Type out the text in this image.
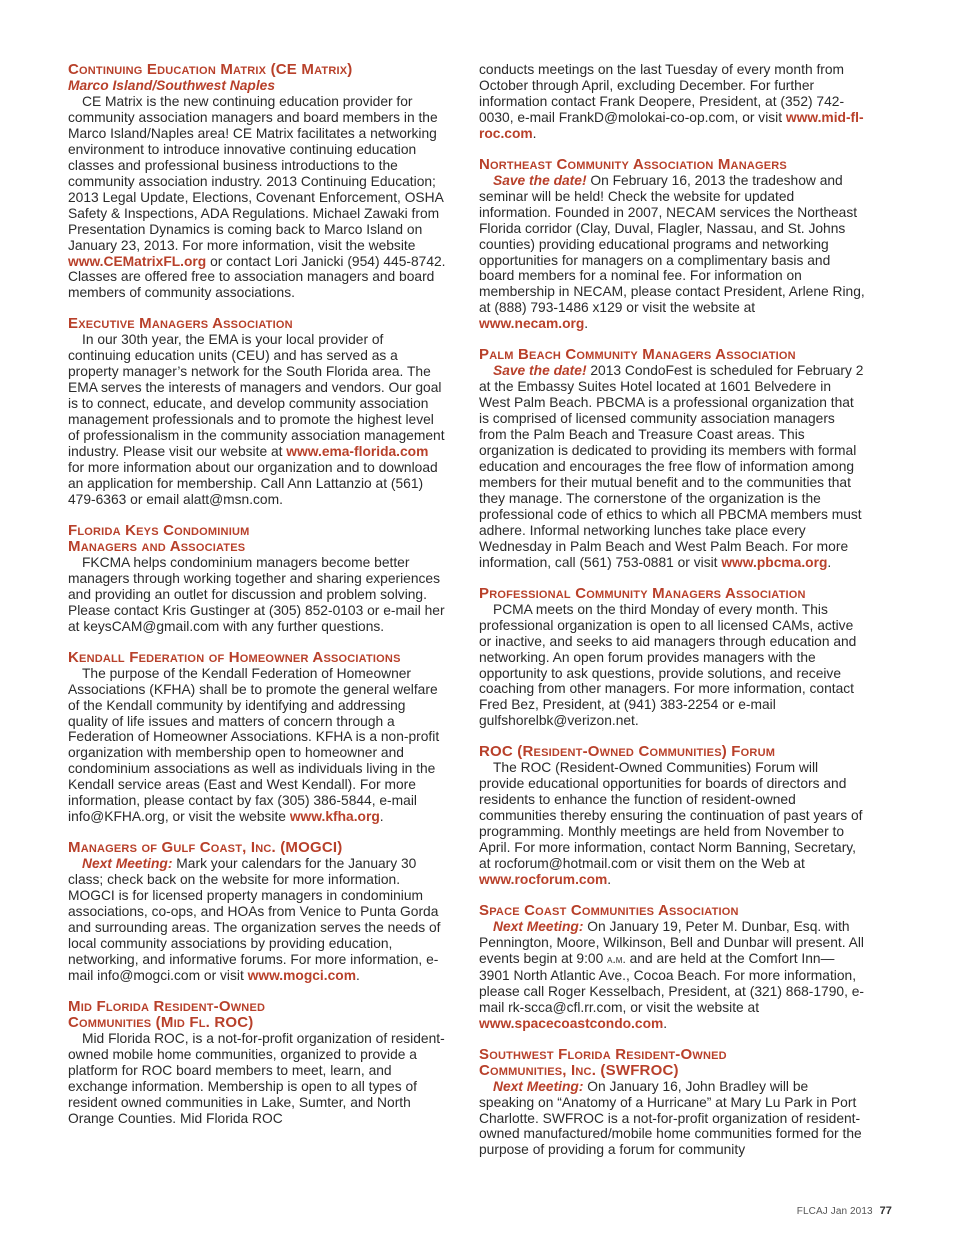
Continuing Education Matrix (CE Matrix)
Marco Island/Southwest Naples

CE Matrix is the new continuing education provider for community association managers and board members in the Marco Island/Naples area! CE Matrix facilitates a networking environment to introduce innovative continuing education classes and professional business introductions to the community association industry. 2013 Continuing Education; 2013 Legal Update, Elections, Covenant Enforcement, OSHA Safety & Inspections, ADA Regulations. Michael Zawaki from Presentation Dynamics is coming back to Marco Island on January 23, 2013. For more information, visit the website www.CEMatrixFL.org or contact Lori Janicki (954) 445-8742. Classes are offered free to association managers and board members of community associations.

Executive Managers Association

In our 30th year, the EMA is your local provider of continuing education units (CEU) and has served as a property manager’s network for the South Florida area. The EMA serves the interests of managers and vendors. Our goal is to connect, educate, and develop community association management professionals and to promote the highest level of professionalism in the community association management industry. Please visit our website at www.ema-florida.com for more information about our organization and to download an application for membership. Call Ann Lattanzio at (561) 479-6363 or email alatt@msn.com.

Florida Keys Condominium
Managers and Associates

FKCMA helps condominium managers become better managers through working together and sharing experiences and providing an outlet for discussion and problem solving. Please contact Kris Gustinger at (305) 852-0103 or e-mail her at keysCAM@gmail.com with any further questions.

Kendall Federation of Homeowner Associations

The purpose of the Kendall Federation of Homeowner Associations (KFHA) shall be to promote the general welfare of the Kendall community by identifying and addressing quality of life issues and matters of concern through a Federation of Homeowner Associations. KFHA is a non-profit organization with membership open to homeowner and condominium associations as well as individuals living in the Kendall service areas (East and West Kendall). For more information, please contact by fax (305) 386-5844, e-mail info@KFHA.org, or visit the website www.kfha.org.

Managers of Gulf Coast, Inc. (MOGCI)

Next Meeting: Mark your calendars for the January 30 class; check back on the website for more information. MOGCI is for licensed property managers in condominium associations, co-ops, and HOAs from Venice to Punta Gorda and surrounding areas. The organization serves the needs of local community associations by providing education, networking, and informative forums. For more information, e-mail info@mogci.com or visit www.mogci.com.

Mid Florida Resident-Owned
Communities (Mid Fl. ROC)

Mid Florida ROC, is a not-for-profit organization of resident-owned mobile home communities, organized to provide a platform for ROC board members to meet, learn, and exchange information. Membership is open to all types of resident owned communities in Lake, Sumter, and North Orange Counties. Mid Florida ROC

conducts meetings on the last Tuesday of every month from October through April, excluding December. For further information contact Frank Deopere, President, at (352) 742-0030, e-mail FrankD@molokai-co-op.com, or visit www.mid-fl-roc.com.

Northeast Community Association Managers

Save the date! On February 16, 2013 the tradeshow and seminar will be held! Check the website for updated information. Founded in 2007, NECAM services the Northeast Florida corridor (Clay, Duval, Flagler, Nassau, and St. Johns counties) providing educational programs and networking opportunities for managers on a complimentary basis and board members for a nominal fee. For information on membership in NECAM, please contact President, Arlene Ring, at (888) 793-1486 x129 or visit the website at www.necam.org.

Palm Beach Community Managers Association

Save the date! 2013 CondoFest is scheduled for February 2 at the Embassy Suites Hotel located at 1601 Belvedere in West Palm Beach. PBCMA is a professional organization that is comprised of licensed community association managers from the Palm Beach and Treasure Coast areas. This organization is dedicated to providing its members with formal education and encourages the free flow of information among members for their mutual benefit and to the communities that they manage. The cornerstone of the organization is the professional code of ethics to which all PBCMA members must adhere. Informal networking lunches take place every Wednesday in Palm Beach and West Palm Beach. For more information, call (561) 753-0881 or visit www.pbcma.org.

Professional Community Managers Association

PCMA meets on the third Monday of every month. This professional organization is open to all licensed CAMs, active or inactive, and seeks to aid managers through education and networking. An open forum provides managers with the opportunity to ask questions, provide solutions, and receive coaching from other managers. For more information, contact Fred Bez, President, at (941) 383-2254 or e-mail gulfshorelbk@verizon.net.

ROC (Resident-Owned Communities) Forum

The ROC (Resident-Owned Communities) Forum will provide educational opportunities for boards of directors and residents to enhance the function of resident-owned communities thereby ensuring the continuation of past years of programming. Monthly meetings are held from November to April. For more information, contact Norm Banning, Secretary, at rocforum@hotmail.com or visit them on the Web at www.rocforum.com.

Space Coast Communities Association

Next Meeting: On January 19, Peter M. Dunbar, Esq. with Pennington, Moore, Wilkinson, Bell and Dunbar will present. All events begin at 9:00 a.m. and are held at the Comfort Inn—3901 North Atlantic Ave., Cocoa Beach. For more information, please call Roger Kesselbach, President, at (321) 868-1790, e-mail rk-scca@cfl.rr.com, or visit the website at www.spacecoastcondo.com.

Southwest Florida Resident-Owned
Communities, Inc. (SWFROC)

Next Meeting: On January 16, John Bradley will be speaking on “Anatomy of a Hurricane” at Mary Lu Park in Port Charlotte. SWFROC is a not-for-profit organization of resident-owned manufactured/mobile home communities formed for the purpose of providing a forum for community

FLCAJ Jan 2013 77
